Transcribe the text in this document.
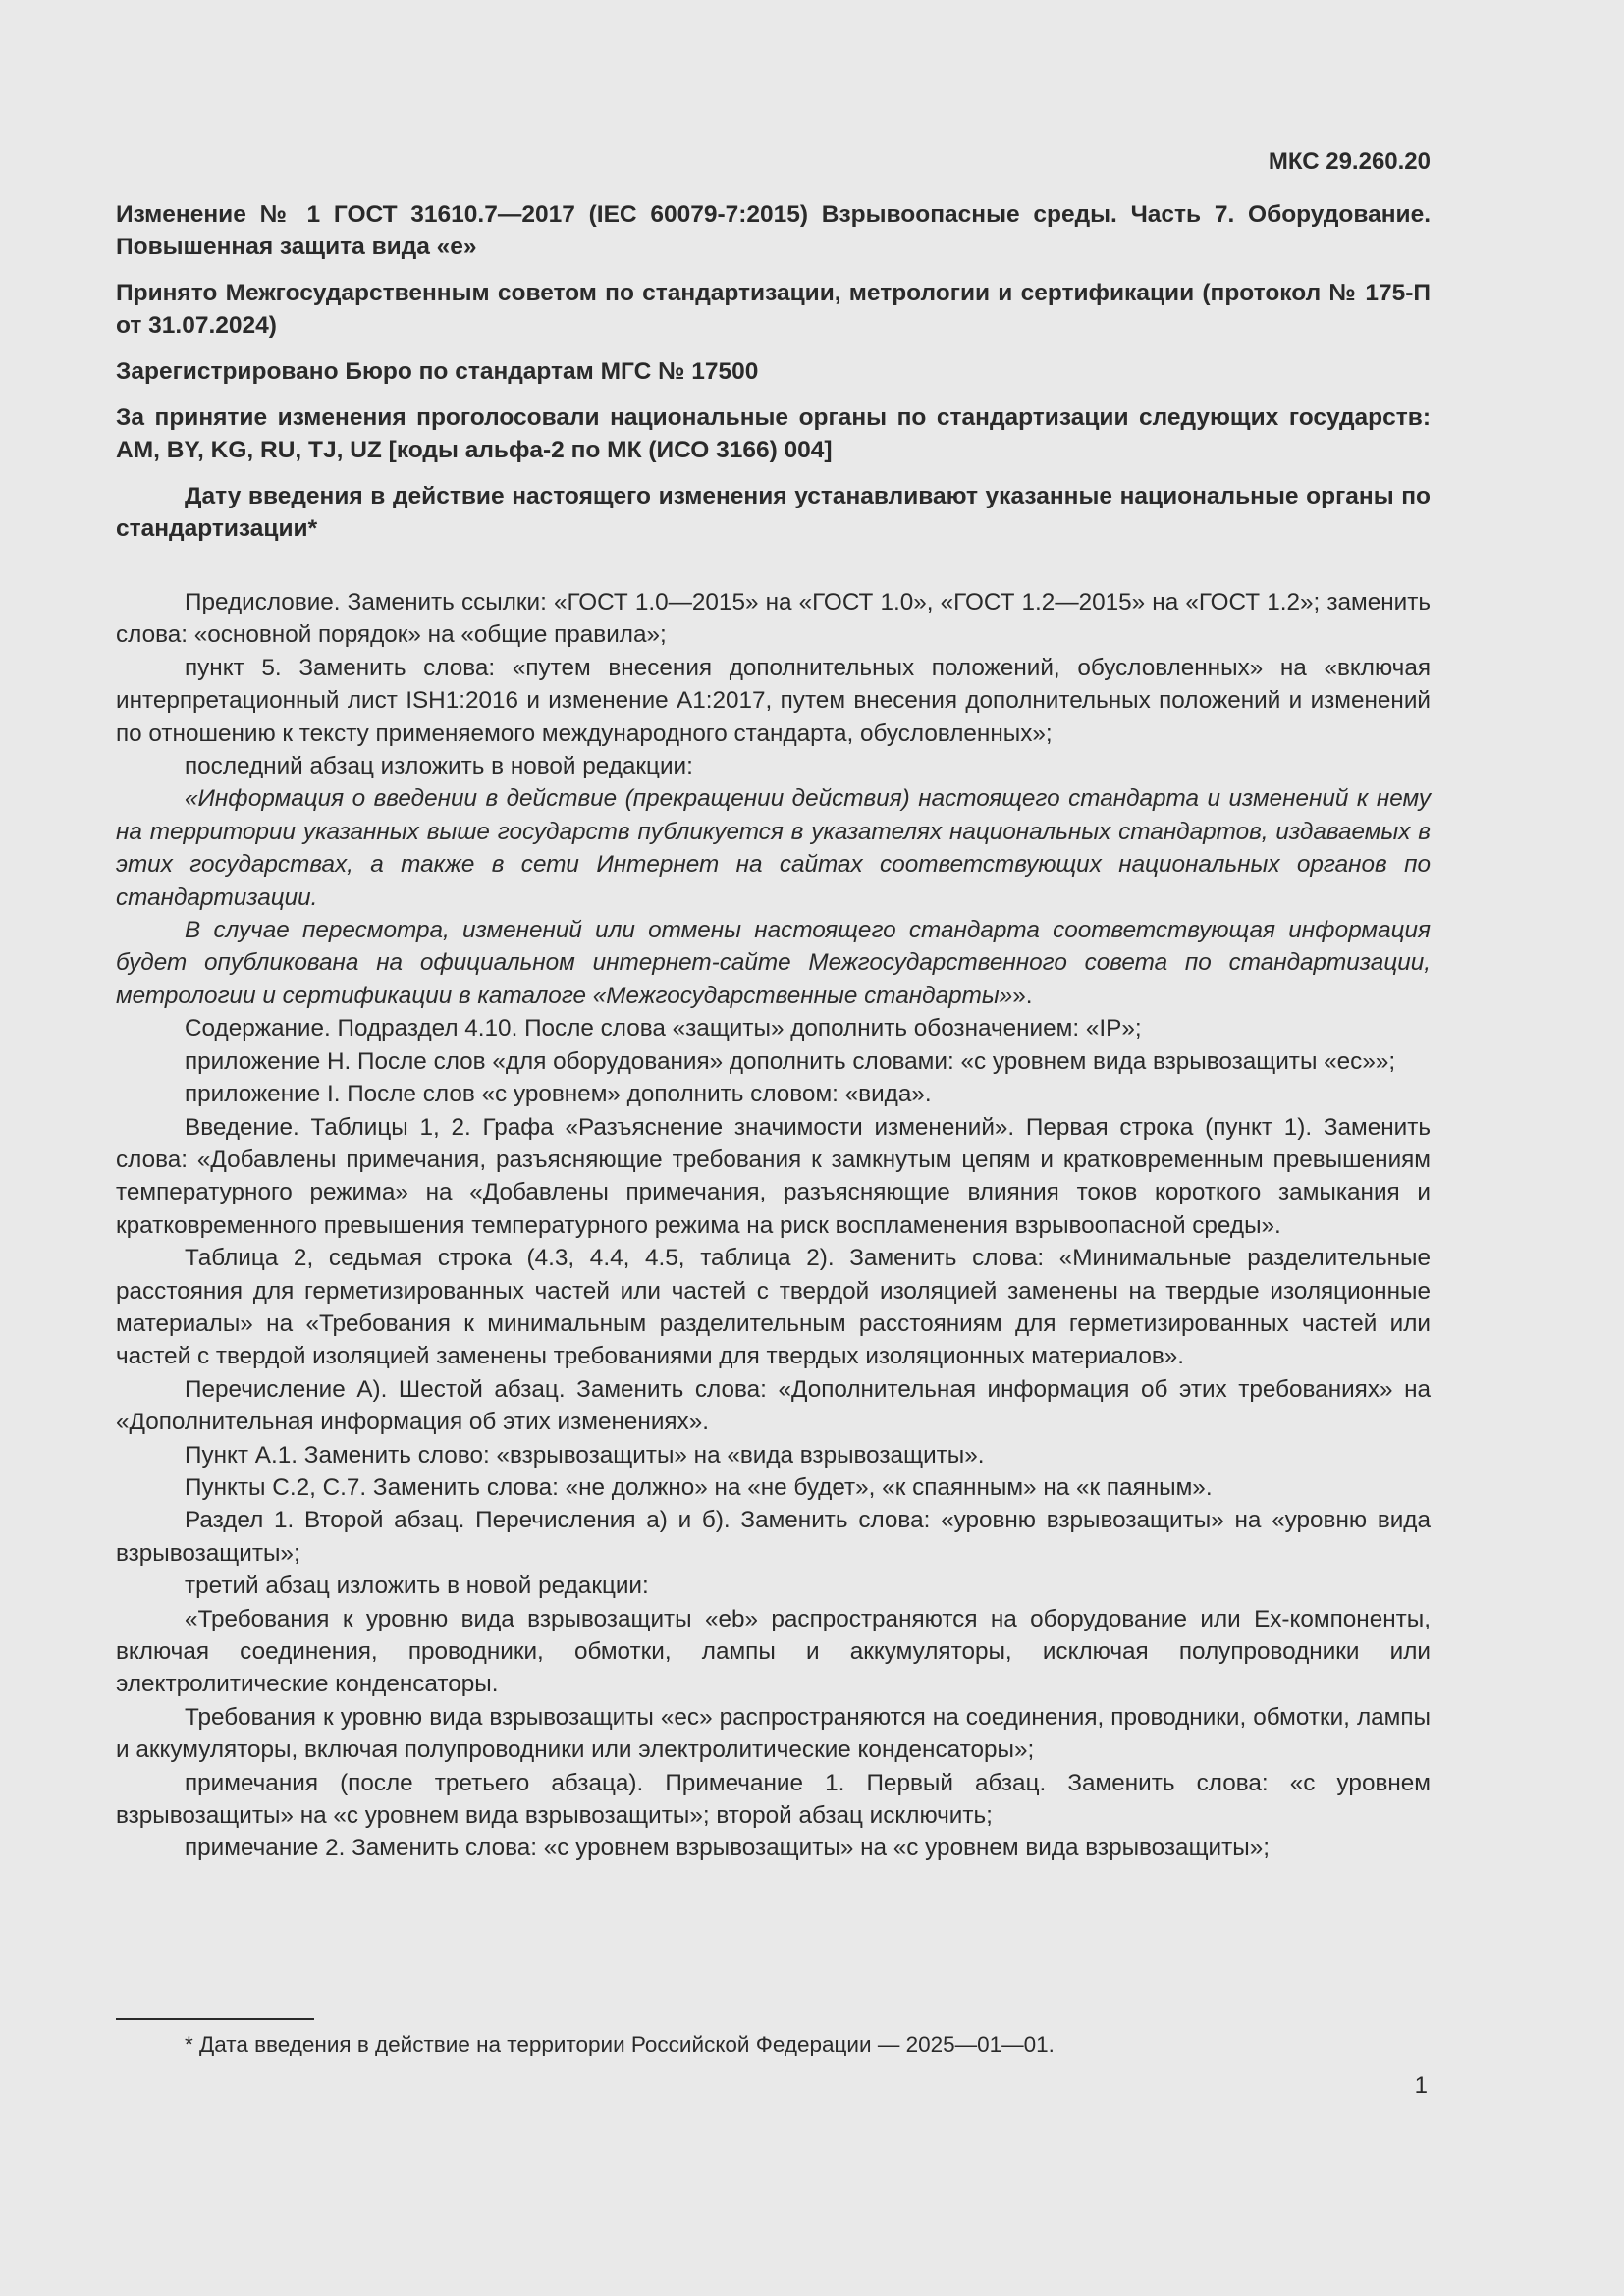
МКС 29.260.20
Изменение № 1 ГОСТ 31610.7—2017 (IEC 60079-7:2015) Взрывоопасные среды. Часть 7. Оборудование. Повышенная защита вида «е»
Принято Межгосударственным советом по стандартизации, метрологии и сертификации (протокол № 175-П от 31.07.2024)
Зарегистрировано Бюро по стандартам МГС № 17500
За принятие изменения проголосовали национальные органы по стандартизации следующих государств: AM, BY, KG, RU, TJ, UZ [коды альфа-2 по МК (ИСО 3166) 004]
Дату введения в действие настоящего изменения устанавливают указанные национальные органы по стандартизации*

Предисловие. Заменить ссылки: «ГОСТ 1.0—2015» на «ГОСТ 1.0», «ГОСТ 1.2—2015» на «ГОСТ 1.2»; заменить слова: «основной порядок» на «общие правила»;

пункт 5. Заменить слова: «путем внесения дополнительных положений, обусловленных» на «включая интерпретационный лист ISH1:2016 и изменение A1:2017, путем внесения дополнительных положений и изменений по отношению к тексту применяемого международного стандарта, обусловленных»;

последний абзац изложить в новой редакции:

«Информация о введении в действие (прекращении действия) настоящего стандарта и изменений к нему на территории указанных выше государств публикуется в указателях национальных стандартов, издаваемых в этих государствах, а также в сети Интернет на сайтах соответствующих национальных органов по стандартизации.

В случае пересмотра, изменений или отмены настоящего стандарта соответствующая информация будет опубликована на официальном интернет-сайте Межгосударственного совета по стандартизации, метрологии и сертификации в каталоге «Межгосударственные стандарты»».

Содержание. Подраздел 4.10. После слова «защиты» дополнить обозначением: «IP»;

приложение Н. После слов «для оборудования» дополнить словами: «с уровнем вида взрывозащиты «ес»»;

приложение I. После слов «с уровнем» дополнить словом: «вида».

Введение. Таблицы 1, 2. Графа «Разъяснение значимости изменений». Первая строка (пункт 1). Заменить слова: «Добавлены примечания, разъясняющие требования к замкнутым цепям и кратковременным превышениям температурного режима» на «Добавлены примечания, разъясняющие влияния токов короткого замыкания и кратковременного превышения температурного режима на риск воспламенения взрывоопасной среды».

Таблица 2, седьмая строка (4.3, 4.4, 4.5, таблица 2). Заменить слова: «Минимальные разделительные расстояния для герметизированных частей или частей с твердой изоляцией заменены на твердые изоляционные материалы» на «Требования к минимальным разделительным расстояниям для герметизированных частей или частей с твердой изоляцией заменены требованиями для твердых изоляционных материалов».

Перечисление А). Шестой абзац. Заменить слова: «Дополнительная информация об этих требованиях» на «Дополнительная информация об этих изменениях».

Пункт А.1. Заменить слово: «взрывозащиты» на «вида взрывозащиты».

Пункты С.2, С.7. Заменить слова: «не должно» на «не будет», «к спаянным» на «к паяным».

Раздел 1. Второй абзац. Перечисления а) и б). Заменить слова: «уровню взрывозащиты» на «уровню вида взрывозащиты»;

третий абзац изложить в новой редакции:

«Требования к уровню вида взрывозащиты «eb» распространяются на оборудование или Ех-компоненты, включая соединения, проводники, обмотки, лампы и аккумуляторы, исключая полупроводники или электролитические конденсаторы.

Требования к уровню вида взрывозащиты «ес» распространяются на соединения, проводники, обмотки, лампы и аккумуляторы, включая полупроводники или электролитические конденсаторы»;

примечания (после третьего абзаца). Примечание 1. Первый абзац. Заменить слова: «с уровнем взрывозащиты» на «с уровнем вида взрывозащиты»; второй абзац исключить;

примечание 2. Заменить слова: «с уровнем взрывозащиты» на «с уровнем вида взрывозащиты»;

* Дата введения в действие на территории Российской Федерации — 2025—01—01.
1
